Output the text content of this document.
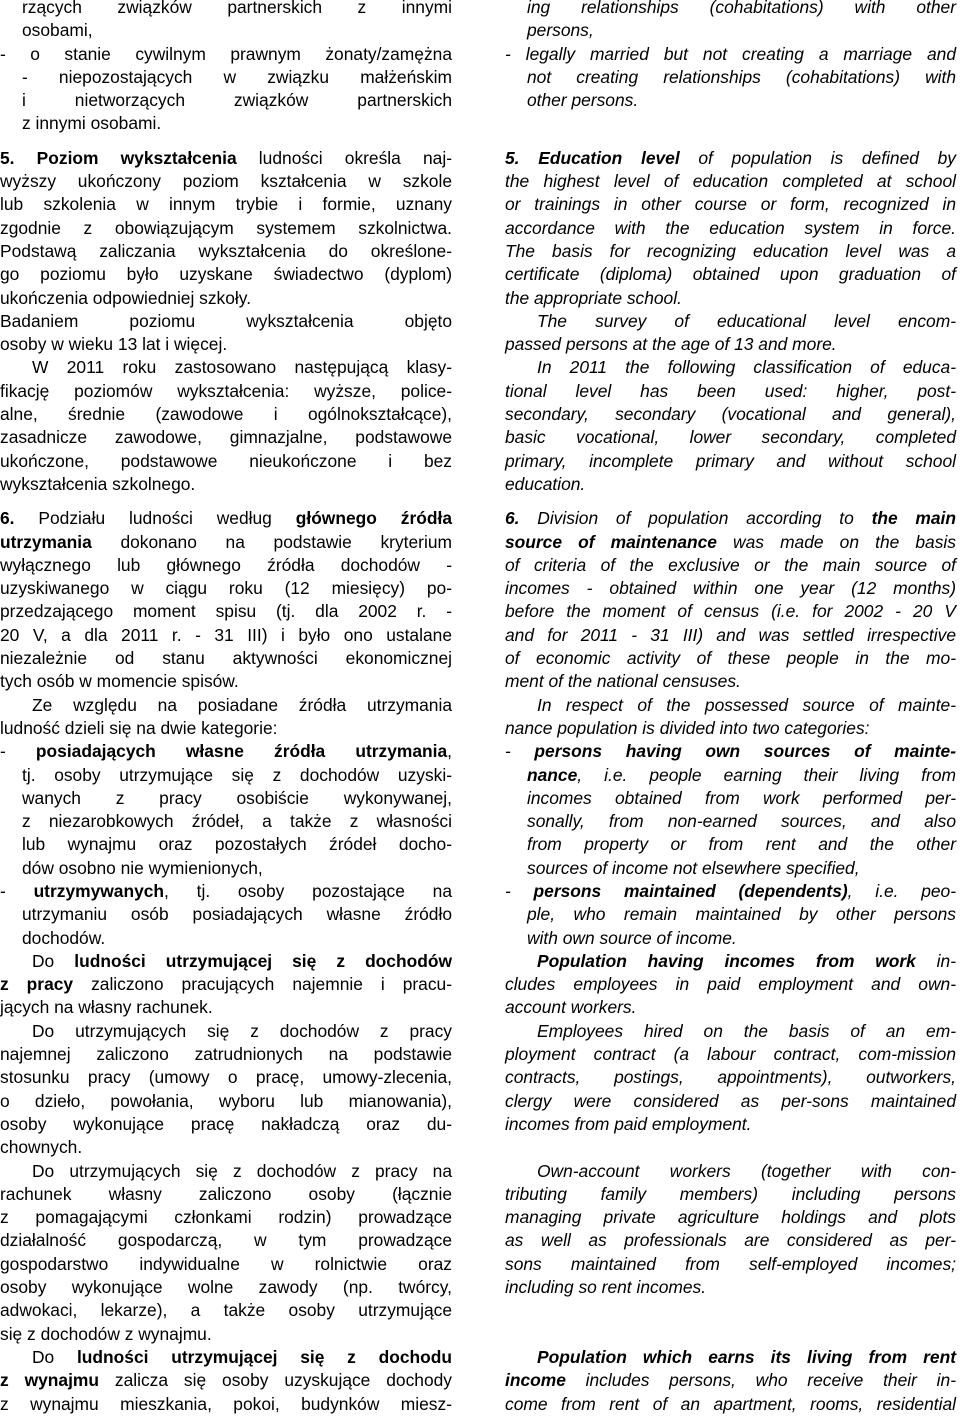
rzących związków partnerskich z innymi
osobami,
- o stanie cywilnym prawnym żonaty/zamężna
- niepozostających w związku małżeńskim
i nietworzących związków partnerskich
z innymi osobami.
5. Poziom wykształcenia ludności określa naj-
wyższy ukończony poziom kształcenia w szkole
lub szkolenia w innym trybie i formie, uznany
zgodnie z obowiązującym systemem szkolnictwa.
Podstawą zaliczania wykształcenia do określone-
go poziomu było uzyskane świadectwo (dyplom)
ukończenia odpowiedniej szkoły.
Badaniem poziomu wykształcenia objęto
osoby w wieku 13 lat i więcej.
W 2011 roku zastosowano następującą klasy-
fikację poziomów wykształcenia: wyższe, police-
alne, średnie (zawodowe i ogólnokształcące),
zasadnicze zawodowe, gimnazjalne, podstawowe
ukończone, podstawowe nieukończone i bez
wykształcenia szkolnego.
6. Podziału ludności według głównego źródła
utrzymania dokonano na podstawie kryterium
wyłącznego lub głównego źródła dochodów -
uzyskiwanego w ciągu roku (12 miesięcy) po-
przedzającego moment spisu (tj. dla 2002 r. -
20 V, a dla 2011 r. - 31 III) i było ono ustalane
niezależnie od stanu aktywności ekonomicznej
tych osób w momencie spisów.
Ze względu na posiadane źródła utrzymania
ludność dzieli się na dwie kategorie:
- posiadających własne źródła utrzymania,
tj. osoby utrzymujące się z dochodów uzyski-
wanych z pracy osobiście wykonywanej,
z niezarobkowych źródeł, a także z własności
lub wynajmu oraz pozostałych źródeł docho-
dów osobno nie wymienionych,
- utrzymywanych, tj. osoby pozostające na
utrzymaniu osób posiadających własne źródło
dochodów.
Do ludności utrzymującej się z dochodów
z pracy zaliczono pracujących najemnie i pracu-
jących na własny rachunek.
Do utrzymujących się z dochodów z pracy
najemnej zaliczono zatrudnionych na podstawie
stosunku pracy (umowy o pracę, umowy-zlecenia,
o dzieło, powołania, wyboru lub mianowania),
osoby wykonujące pracę nakładczą oraz du-
chownych.
Do utrzymujących się z dochodów z pracy na
rachunek własny zaliczono osoby (łącznie
z pomagającymi członkami rodzin) prowadzące
działalność gospodarczą, w tym prowadzące
gospodarstwo indywidualne w rolnictwie oraz
osoby wykonujące wolne zawody (np. twórcy,
adwokaci, lekarze), a także osoby utrzymujące
się z dochodów z wynajmu.
Do ludności utrzymującej się z dochodu
z wynajmu zalicza się osoby uzyskujące dochody
z wynajmu mieszkania, pokoi, budynków miesz-
ing relationships (cohabitations) with other
persons,
- legally married but not creating a marriage and
not creating relationships (cohabitations) with
other persons.
5. Education level of population is defined by
the highest level of education completed at school
or trainings in other course or form, recognized in
accordance with the education system in force.
The basis for recognizing education level was a
certificate (diploma) obtained upon graduation of
the appropriate school.
The survey of educational level encom-
passed persons at the age of 13 and more.
In 2011 the following classification of educa-
tional level has been used: higher, post-
secondary, secondary (vocational and general),
basic vocational, lower secondary, completed
primary, incomplete primary and without school
education.
6. Division of population according to the main
source of maintenance was made on the basis
of criteria of the exclusive or the main source of
incomes - obtained within one year (12 months)
before the moment of census (i.e. for 2002 - 20 V
and for 2011 - 31 III) and was settled irrespective
of economic activity of these people in the mo-
ment of the national censuses.
In respect of the possessed source of mainte-
nance population is divided into two categories:
- persons having own sources of mainte-
nance, i.e. people earning their living from
incomes obtained from work performed per-
sonally, from non-earned sources, and also
from property or from rent and the other
sources of income not elsewhere specified,
- persons maintained (dependents), i.e. peo-
ple, who remain maintained by other persons
with own source of income.
Population having incomes from work in-
cludes employees in paid employment and own-
account workers.
Employees hired on the basis of an em-
ployment contract (a labour contract, com-mission
contracts, postings, appointments), outworkers,
clergy were considered as per-sons maintained
incomes from paid employment.
Own-account workers (together with con-
tributing family members) including persons
managing private agriculture holdings and plots
as well as professionals are considered as per-
sons maintained from self-employed incomes;
including so rent incomes.
Population which earns its living from rent
income includes persons, who receive their in-
come from rent of an apartment, rooms, residential
